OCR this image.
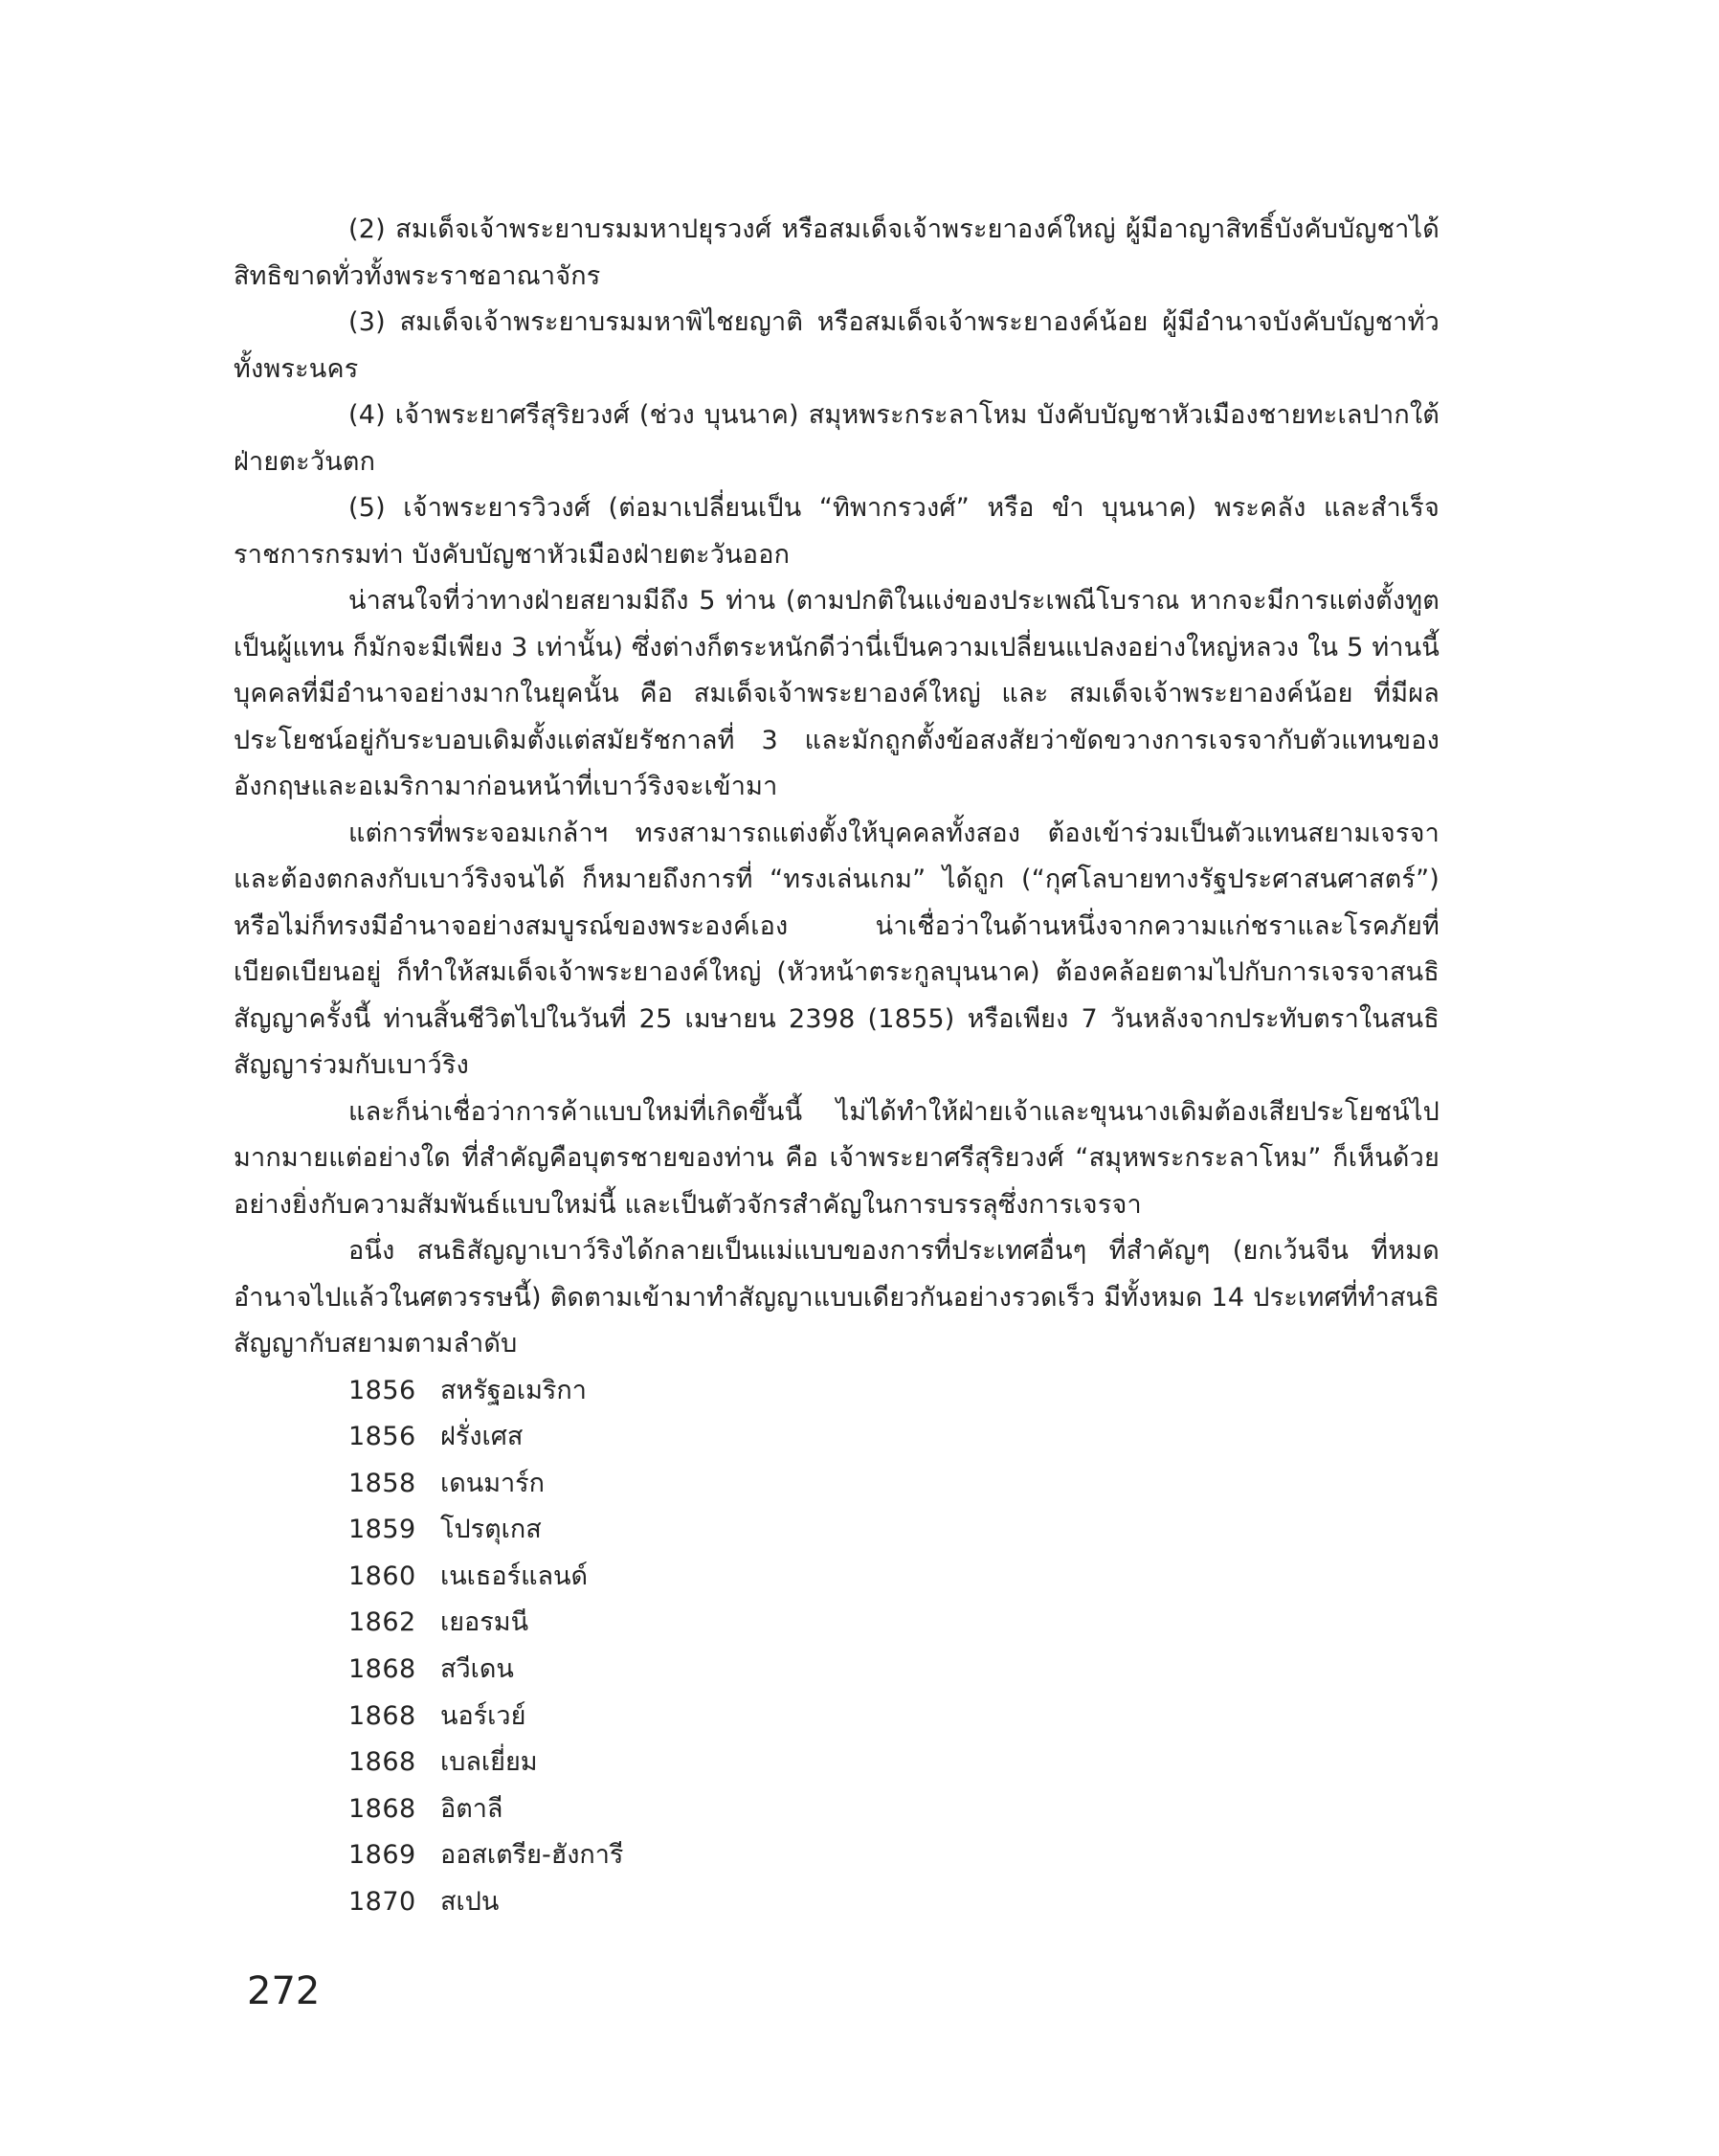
(2) สมเด็จเจ้าพระยาบรมมหาปยุรวงศ์ หรือสมเด็จเจ้าพระยาองค์ใหญ่ ผู้มีอาญาสิทธิ์บังคับบัญชาได้สิทธิขาดทั่วทั้งพระราชอาณาจักร

(3) สมเด็จเจ้าพระยาบรมมหาพิไชยญาติ หรือสมเด็จเจ้าพระยาองค์น้อย ผู้มีอำนาจบังคับบัญชาทั่วทั้งพระนคร

(4) เจ้าพระยาศรีสุริยวงศ์ (ช่วง บุนนาค) สมุหพระกระลาโหม บังคับบัญชาหัวเมืองชายทะเลปากใต้ฝ่ายตะวันตก

(5) เจ้าพระยารวิวงศ์ (ต่อมาเปลี่ยนเป็น “ทิพากรวงศ์” หรือ ขำ บุนนาค) พระคลัง และสำเร็จราชการกรมท่า บังคับบัญชาหัวเมืองฝ่ายตะวันออก

น่าสนใจที่ว่าทางฝ่ายสยามมีถึง 5 ท่าน (ตามปกติในแง่ของประเพณีโบราณ หากจะมีการแต่งตั้งทูตเป็นผู้แทน ก็มักจะมีเพียง 3 เท่านั้น) ซึ่งต่างก็ตระหนักดีว่านี่เป็นความเปลี่ยนแปลงอย่างใหญ่หลวง ใน 5 ท่านนี้ บุคคลที่มีอำนาจอย่างมากในยุคนั้น คือ สมเด็จเจ้าพระยาองค์ใหญ่ และ สมเด็จเจ้าพระยาองค์น้อย ที่มีผลประโยชน์อยู่กับระบอบเดิมตั้งแต่สมัยรัชกาลที่ 3 และมักถูกตั้งข้อสงสัยว่าขัดขวางการเจรจากับตัวแทนของอังกฤษและอเมริกามาก่อนหน้าที่เบาว์ริงจะเข้ามา

แต่การที่พระจอมเกล้าฯ ทรงสามารถแต่งตั้งให้บุคคลทั้งสอง ต้องเข้าร่วมเป็นตัวแทนสยามเจรจาและต้องตกลงกับเบาว์ริงจนได้ ก็หมายถึงการที่ “ทรงเล่นเกม” ได้ถูก (“กุศโลบายทางรัฐประศาสนศาสตร์”) หรือไม่ก็ทรงมีอำนาจอย่างสมบูรณ์ของพระองค์เอง น่าเชื่อว่าในด้านหนึ่งจากความแก่ชราและโรคภัยที่เบียดเบียนอยู่ ก็ทำให้สมเด็จเจ้าพระยาองค์ใหญ่ (หัวหน้าตระกูลบุนนาค) ต้องคล้อยตามไปกับการเจรจาสนธิสัญญาครั้งนี้ ท่านสิ้นชีวิตไปในวันที่ 25 เมษายน 2398 (1855) หรือเพียง 7 วันหลังจากประทับตราในสนธิสัญญาร่วมกับเบาว์ริง

และก็น่าเชื่อว่าการค้าแบบใหม่ที่เกิดขึ้นนี้ ไม่ได้ทำให้ฝ่ายเจ้าและขุนนางเดิมต้องเสียประโยชน์ไปมากมายแต่อย่างใด ที่สำคัญคือบุตรชายของท่าน คือ เจ้าพระยาศรีสุริยวงศ์ “สมุหพระกระลาโหม” ก็เห็นด้วยอย่างยิ่งกับความสัมพันธ์แบบใหม่นี้ และเป็นตัวจักรสำคัญในการบรรลุซึ่งการเจรจา

อนึ่ง สนธิสัญญาเบาว์ริงได้กลายเป็นแม่แบบของการที่ประเทศอื่นๆ ที่สำคัญๆ (ยกเว้นจีน ที่หมดอำนาจไปแล้วในศตวรรษนี้) ติดตามเข้ามาทำสัญญาแบบเดียวกันอย่างรวดเร็ว มีทั้งหมด 14 ประเทศที่ทำสนธิสัญญากับสยามตามลำดับ

1856 สหรัฐอเมริกา
1856 ฝรั่งเศส
1858 เดนมาร์ก
1859 โปรตุเกส
1860 เนเธอร์แลนด์
1862 เยอรมนี
1868 สวีเดน
1868 นอร์เวย์
1868 เบลเยี่ยม
1868 อิตาลี
1869 ออสเตรีย-ฮังการี
1870 สเปน
272
